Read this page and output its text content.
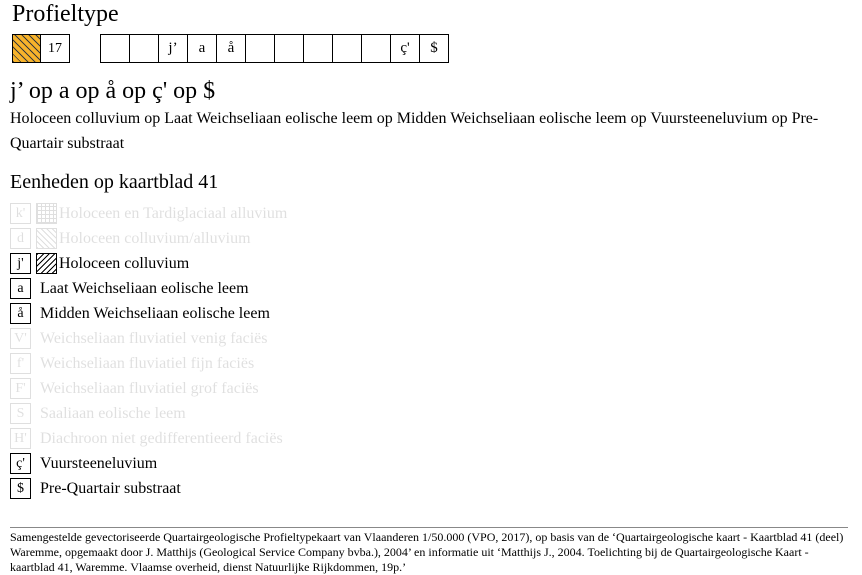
Profieltype
17	j’	a	å	ç'	$
j’ op a op å op ç' op $
Holoceen colluvium op Laat Weichseliaan eolische leem op Midden Weichseliaan eolische leem op Vuursteeneluvium op Pre-Quartair substraat
Eenheden op kaartblad 41
k'	Holoceen en Tardiglaciaal alluvium
d	Holoceen colluvium/alluvium
j'	Holoceen colluvium
a	Laat Weichseliaan eolische leem
å	Midden Weichseliaan eolische leem
V' Weichseliaan fluviatiel venig faciës
f' Weichseliaan fluviatiel fijn faciës
F' Weichseliaan fluviatiel grof faciës
S Saaliaan eolische leem
H' Diachroon niet gedifferentieerd faciës
ç' Vuursteeneluvium
$	Pre-Quartair substraat
Samengestelde gevectoriseerde Quartairgeologische Profieltypekaart van Vlaanderen 1/50.000 (VPO, 2017), op basis van de ‘Quartairgeologische kaart - Kaartblad 41 (deel) Waremme, opgemaakt door J. Matthijs (Geological Service Company bvba.), 2004’ en informatie uit ‘Matthijs J., 2004. Toelichting bij de Quartairgeologische Kaart - kaartblad 41, Waremme. Vlaamse overheid, dienst Natuurlijke Rijkdommen, 19p.’
